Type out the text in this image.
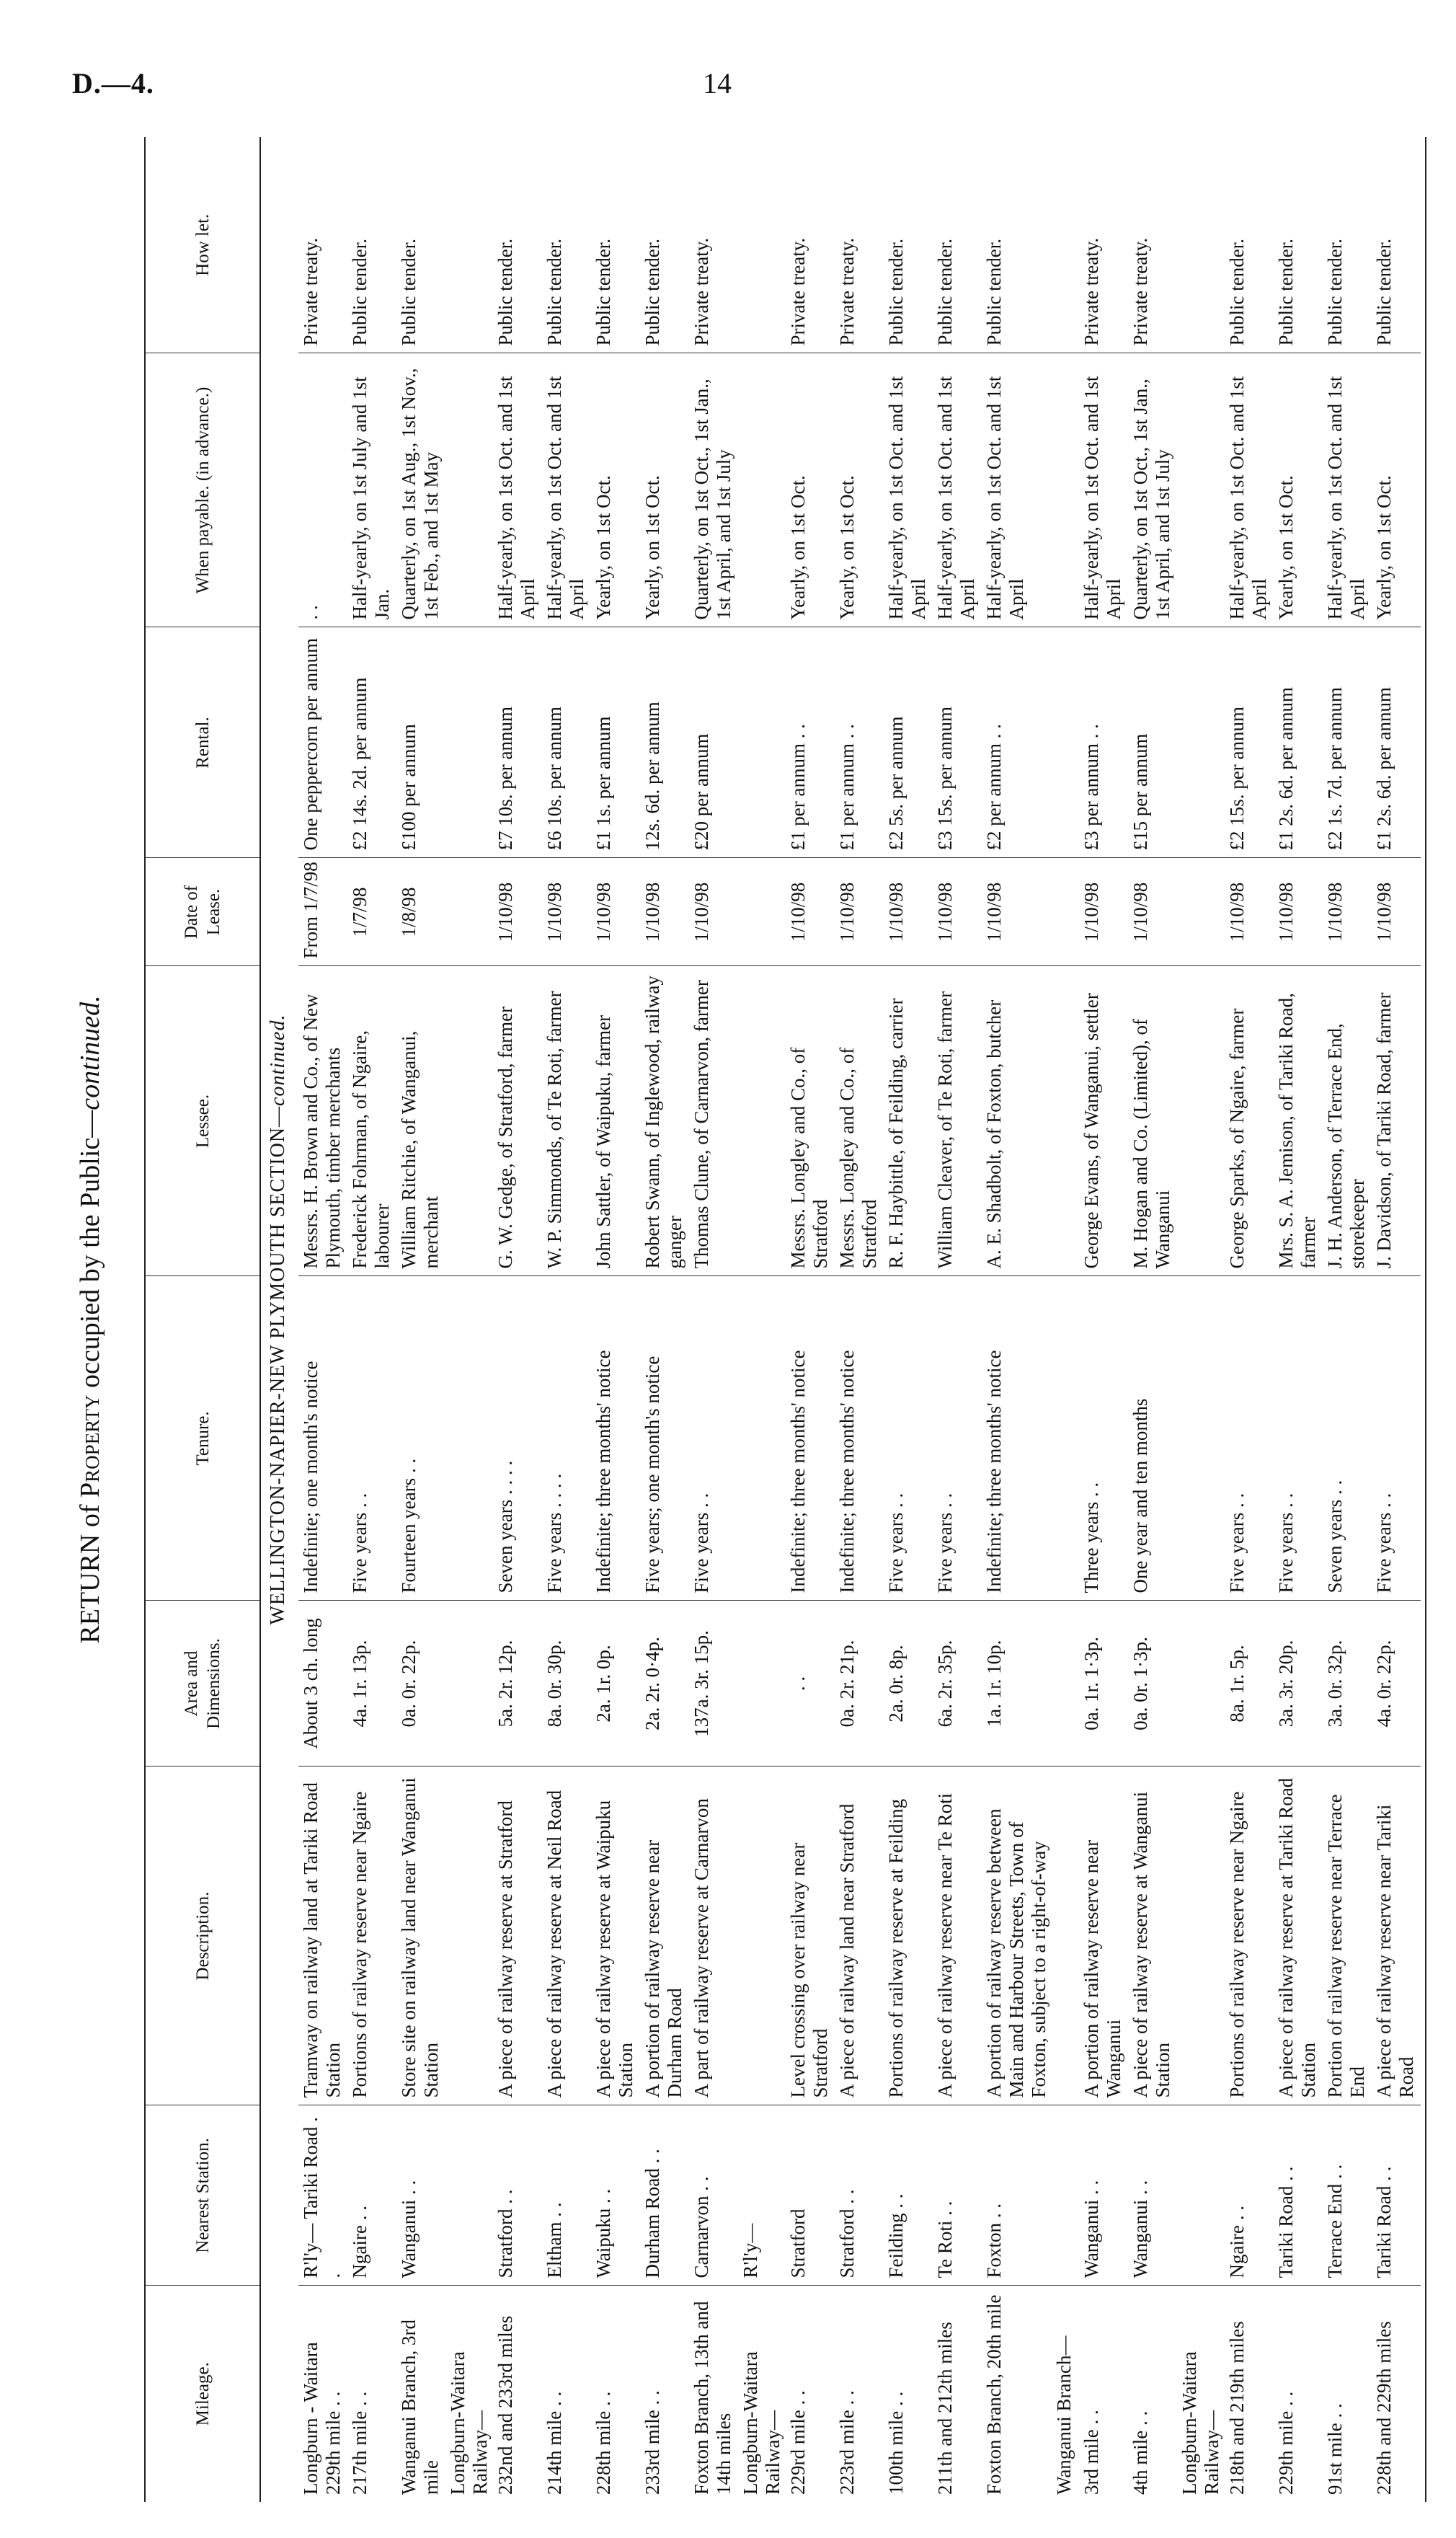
D.—4.	14
RETURN of Property occupied by the Public—continued.
Mileage.	Nearest Station.	Description.	Area and Dimensions.	Tenure.	Lessee.	Date of Lease.	Rental.	When payable. (in advance.)	How let.
WELLINGTON-NAPIER-NEW PLYMOUTH SECTION—continued.									
Longburn - Waitara 229th mile . .	R'l'y— Tariki Road . .	Tramway on railway land at Tariki Road Station	About 3 ch. long	Indefinite; one month's notice	Messrs. H. Brown and Co., of New Plymouth, timber merchants	From 1/7/98	One peppercorn per annum	. .	Private treaty.
217th mile . .	Ngaire . .	Portions of railway reserve near Ngaire	4a. 1r. 13p.	Five years . .	Frederick Fohrman, of Ngaire, labourer	1/7/98	£2 14s. 2d. per annum	Half-yearly, on 1st July and 1st Jan.	Public tender.
Wanganui Branch, 3rd mile	Wanganui . .	Store site on railway land near Wanganui Station	0a. 0r. 22p.	Fourteen years . .	William Ritchie, of Wanganui, merchant	1/8/98	£100 per annum	Quarterly, on 1st Aug., 1st Nov., 1st Feb., and 1st May	Public tender.
Longburn-Waitara Railway—									
232nd and 233rd miles	Stratford . .	A piece of railway reserve at Stratford	5a. 2r. 12p.	Seven years . . . .	G. W. Gedge, of Stratford, farmer	1/10/98	£7 10s. per annum	Half-yearly, on 1st Oct. and 1st April	Public tender.
214th mile . .	Eltham . .	A piece of railway reserve at Neil Road	8a. 0r. 30p.	Five years . . . .	W. P. Simmonds, of Te Roti, farmer	1/10/98	£6 10s. per annum	Half-yearly, on 1st Oct. and 1st April	Public tender.
228th mile . .	Waipuku . .	A piece of railway reserve at Waipuku Station	2a. 1r. 0p.	Indefinite; three months' notice	John Sattler, of Waipuku, farmer	1/10/98	£1 1s. per annum	Yearly, on 1st Oct.	Public tender.
233rd mile . .	Durham Road . .	A portion of railway reserve near Durham Road	2a. 2r. 0·4p.	Five years; one month's notice	Robert Swann, of Inglewood, railway ganger	1/10/98	12s. 6d. per annum	Yearly, on 1st Oct.	Public tender.
Foxton Branch, 13th and 14th miles	Carnarvon . .	A part of railway reserve at Carnarvon	137a. 3r. 15p.	Five years . .	Thomas Clune, of Carnarvon, farmer	1/10/98	£20 per annum	Quarterly, on 1st Oct., 1st Jan., 1st April, and 1st July	Private treaty.
Longburn-Waitara Railway—	R'l'y—								
229rd mile . .	Stratford	Level crossing over railway near Stratford	. .	Indefinite; three months' notice	Messrs. Longley and Co., of Stratford	1/10/98	£1 per annum . .	Yearly, on 1st Oct.	Private treaty.
223rd mile . .	Stratford . .	A piece of railway land near Stratford	0a. 2r. 21p.	Indefinite; three months' notice	Messrs. Longley and Co., of Stratford	1/10/98	£1 per annum . .	Yearly, on 1st Oct.	Private treaty.
100th mile . .	Feilding . .	Portions of railway reserve at Feilding	2a. 0r. 8p.	Five years . .	R. F. Haybittle, of Feilding, carrier	1/10/98	£2 5s. per annum	Half-yearly, on 1st Oct. and 1st April	Public tender.
211th and 212th miles	Te Roti . .	A piece of railway reserve near Te Roti	6a. 2r. 35p.	Five years . .	William Cleaver, of Te Roti, farmer	1/10/98	£3 15s. per annum	Half-yearly, on 1st Oct. and 1st April	Public tender.
Foxton Branch, 20th mile	Foxton . .	A portion of railway reserve between Main and Harbour Streets, Town of Foxton, subject to a right-of-way	1a. 1r. 10p.	Indefinite; three months' notice	A. E. Shadbolt, of Foxton, butcher	1/10/98	£2 per annum . .	Half-yearly, on 1st Oct. and 1st April	Public tender.
Wanganui Branch—									
3rd mile . .	Wanganui . .	A portion of railway reserve near Wanganui	0a. 1r. 1·3p.	Three years . .	George Evans, of Wanganui, settler	1/10/98	£3 per annum . .	Half-yearly, on 1st Oct. and 1st April	Private treaty.
4th mile . .	Wanganui . .	A piece of railway reserve at Wanganui Station	0a. 0r. 1·3p.	One year and ten months	M. Hogan and Co. (Limited), of Wanganui	1/10/98	£15 per annum	Quarterly, on 1st Oct., 1st Jan., 1st April, and 1st July	Private treaty.
Longburn-Waitara Railway—									
218th and 219th miles	Ngaire . .	Portions of railway reserve near Ngaire	8a. 1r. 5p.	Five years . .	George Sparks, of Ngaire, farmer	1/10/98	£2 15s. per annum	Half-yearly, on 1st Oct. and 1st April	Public tender.
229th mile . .	Tariki Road . .	A piece of railway reserve at Tariki Road Station	3a. 3r. 20p.	Five years . .	Mrs. S. A. Jemison, of Tariki Road, farmer	1/10/98	£1 2s. 6d. per annum	Yearly, on 1st Oct.	Public tender.
91st mile . .	Terrace End . .	Portion of railway reserve near Terrace End	3a. 0r. 32p.	Seven years . .	J. H. Anderson, of Terrace End, storekeeper	1/10/98	£2 1s. 7d. per annum	Half-yearly, on 1st Oct. and 1st April	Public tender.
228th and 229th miles	Tariki Road . .	A piece of railway reserve near Tariki Road	4a. 0r. 22p.	Five years . .	J. Davidson, of Tariki Road, farmer	1/10/98	£1 2s. 6d. per annum	Yearly, on 1st Oct.	Public tender.
